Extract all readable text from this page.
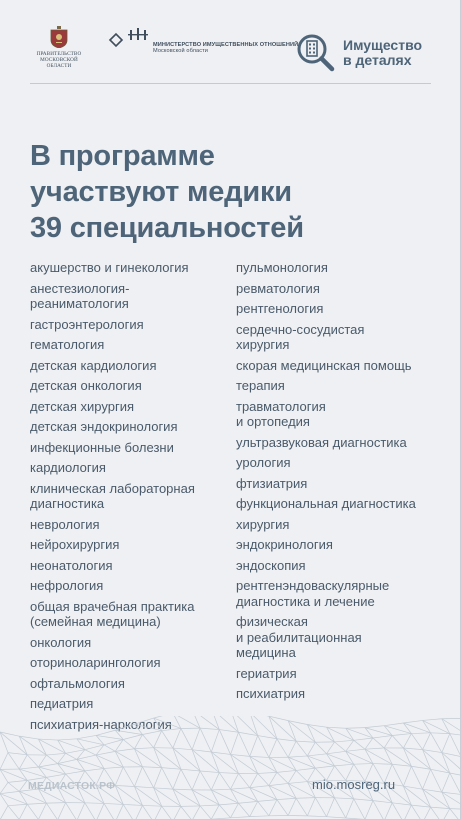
ПРАВИТЕЛЬСТВО МОСКОВСКОЙ ОБЛАСТИ
МИНИСТЕРСТВО ИМУЩЕСТВЕННЫХ ОТНОШЕНИЙ
Московской области	Имущество
в деталях
В программе
участвуют медики
39 специальностей
акушерство и гинекология
анестезиология-
реаниматология
гастроэнтерология
гематология
детская кардиология
детская онкология
детская хирургия
детская эндокринология
инфекционные болезни
кардиология
клиническая лабораторная
диагностика
неврология
нейрохирургия
неонатология
нефрология
общая врачебная практика
(семейная медицина)
онкология
оториноларингология
офтальмология
педиатрия
психиатрия-наркология
пульмонология
ревматология
рентгенология
сердечно-сосудистая
хирургия
скорая медицинская помощь
терапия
травматология
и ортопедия
ультразвуковая диагностика
урология
фтизиатрия
функциональная диагностика
хирургия
эндокринология
эндоскопия
рентгенэндоваскулярные
диагностика и лечение
физическая
и реабилитационная
медицина
гериатрия
психиатрия
МЕДИАСТОК.РФ	mio.mosreg.ru
